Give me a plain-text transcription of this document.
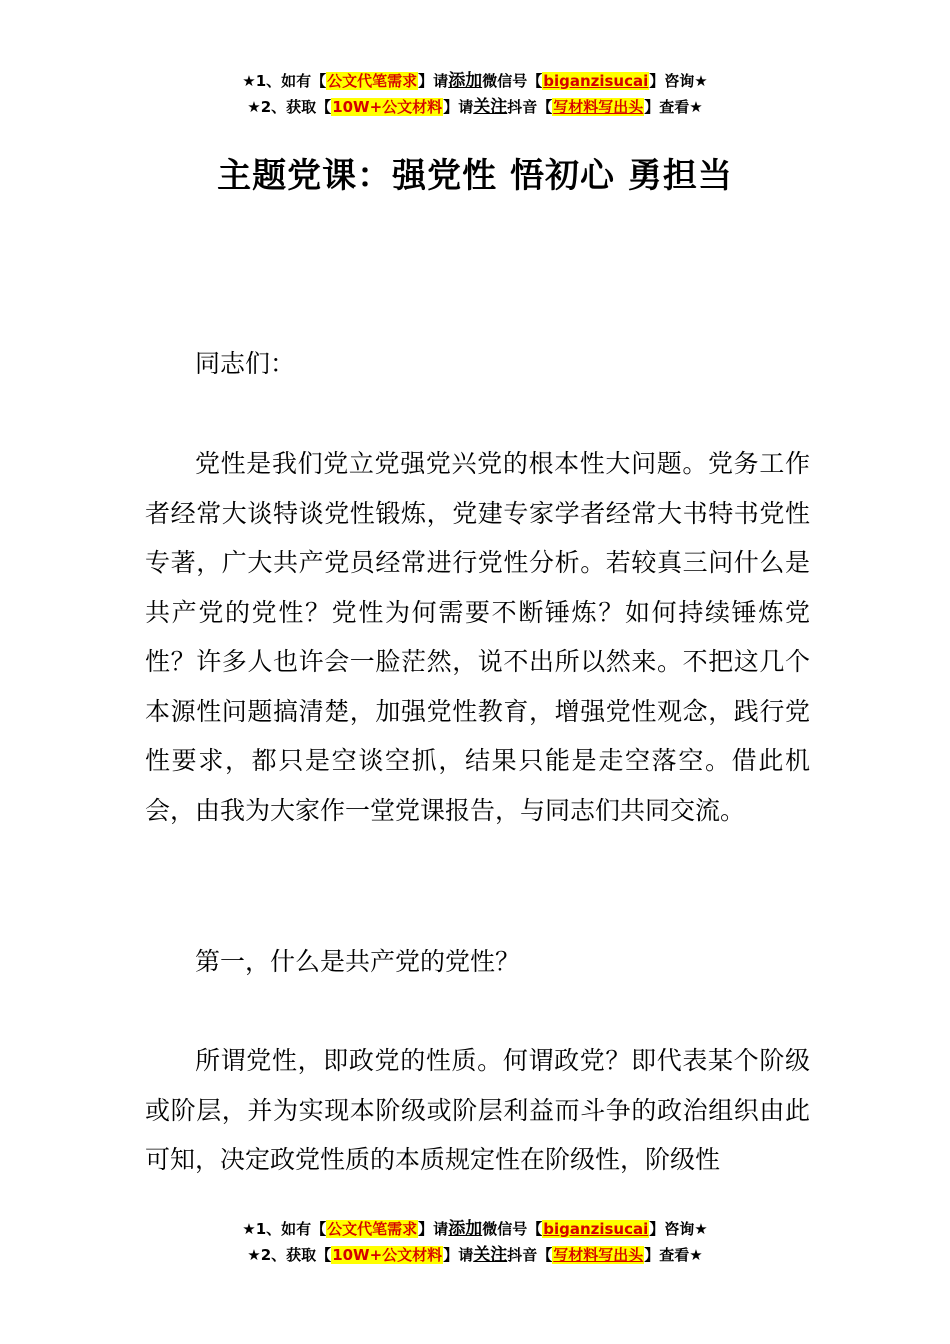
★1、如有【公文代笔需求】请添加微信号【biganzisucai】咨询★
★2、获取【10W+公文材料】请关注抖音【写材料写出头】查看★
主题党课：强党性 悟初心 勇担当

同志们：

党性是我们党立党强党兴党的根本性大问题。党务工作者经常大谈特谈党性锻炼，党建专家学者经常大书特书党性专著，广大共产党员经常进行党性分析。若较真三问什么是共产党的党性？党性为何需要不断锤炼？如何持续锤炼党性？许多人也许会一脸茫然，说不出所以然来。不把这几个本源性问题搞清楚，加强党性教育，增强党性观念，践行党性要求，都只是空谈空抓，结果只能是走空落空。借此机会，由我为大家作一堂党课报告，与同志们共同交流。

第一，什么是共产党的党性？

所谓党性，即政党的性质。何谓政党？即代表某个阶级或阶层，并为实现本阶级或阶层利益而斗争的政治组织由此可知，决定政党性质的本质规定性在阶级性，阶级性

★1、如有【公文代笔需求】请添加微信号【biganzisucai】咨询★
★2、获取【10W+公文材料】请关注抖音【写材料写出头】查看★
